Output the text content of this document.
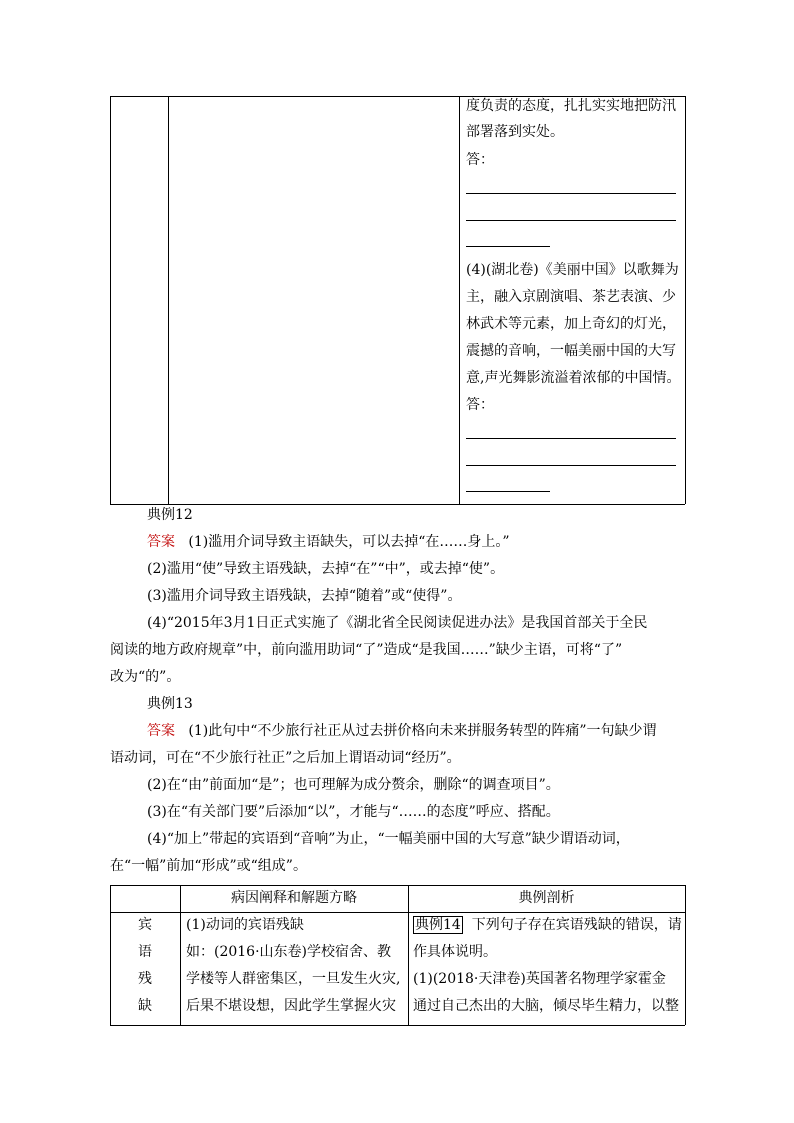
度负责的态度，扎扎实实地把防汛
部署落到实处。
答：
(4)(湖北卷)《美丽中国》以歌舞为
主，融入京剧演唱、茶艺表演、少
林武术等元素，加上奇幻的灯光，
震撼的音响，一幅美丽中国的大写
意,声光舞影流溢着浓郁的中国情。
答：
典例12
答案 (1)滥用介词导致主语缺失，可以去掉“在……身上。”
(2)滥用“使”导致主语残缺，去掉“在”“中”，或去掉“使”。
(3)滥用介词导致主语残缺，去掉“随着”或“使得”。
(4)“2015年3月1日正式实施了《湖北省全民阅读促进办法》是我国首部关于全民
阅读的地方政府规章”中，前向滥用助词“了”造成“是我国……”缺少主语，可将“了”
改为“的”。
典例13
答案 (1)此句中“不少旅行社正从过去拼价格向未来拼服务转型的阵痛”一句缺少谓
语动词，可在“不少旅行社正”之后加上谓语动词“经历”。
(2)在“由”前面加“是”；也可理解为成分赘余，删除“的调查项目”。
(3)在“有关部门要”后添加“以”，才能与“……的态度”呼应、搭配。
(4)“加上”带起的宾语到“音响”为止，“一幅美丽中国的大写意”缺少谓语动词，
在“一幅”前加“形成”或“组成”。
病因阐释和解题方略	典例剖析
宾
语
残
缺
(1)动词的宾语残缺
如：(2016·山东卷)学校宿舍、教
学楼等人群密集区，一旦发生火灾,
后果不堪设想，因此学生掌握火灾
典例14 下列句子存在宾语残缺的错误，请
作具体说明。
(1)(2018·天津卷)英国著名物理学家霍金
通过自己杰出的大脑，倾尽毕生精力，以整
